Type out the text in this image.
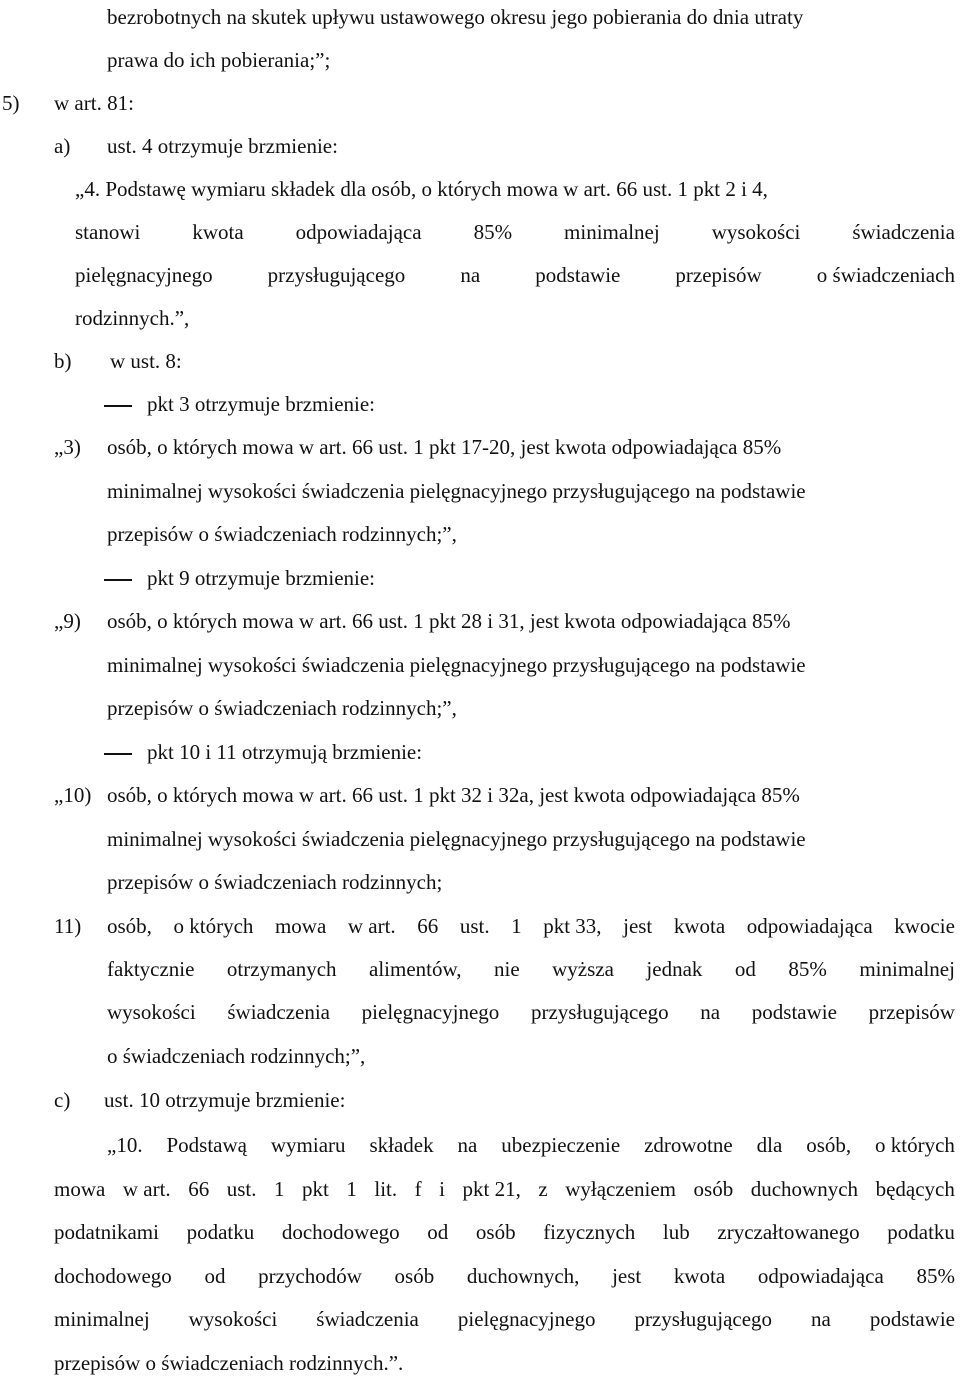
bezrobotnych na skutek upływu ustawowego okresu jego pobierania do dnia utraty
prawa do ich pobierania;”;
5) w art. 81:
a) ust. 4 otrzymuje brzmienie:
„4. Podstawę wymiaru składek dla osób, o których mowa w art. 66 ust. 1 pkt 2 i 4,
stanowi kwota odpowiadająca 85% minimalnej wysokości świadczenia
pielęgnacyjnego	przysługującego	na	podstawie	przepisów	o świadczeniach
rodzinnych.”,
b) w ust. 8:
pkt 3 otrzymuje brzmienie:
„3) osób, o których mowa w art. 66 ust. 1 pkt 17-20, jest kwota odpowiadająca 85%
minimalnej wysokości świadczenia pielęgnacyjnego przysługującego na podstawie
przepisów o świadczeniach rodzinnych;”,
pkt 9 otrzymuje brzmienie:
„9) osób, o których mowa w art. 66 ust. 1 pkt 28 i 31, jest kwota odpowiadająca 85%
minimalnej wysokości świadczenia pielęgnacyjnego przysługującego na podstawie
przepisów o świadczeniach rodzinnych;”,
pkt 10 i 11 otrzymują brzmienie:
„10) osób, o których mowa w art. 66 ust. 1 pkt 32 i 32a, jest kwota odpowiadająca 85%
minimalnej wysokości świadczenia pielęgnacyjnego przysługującego na podstawie
przepisów o świadczeniach rodzinnych;
11) osób, o których mowa w art. 66 ust. 1 pkt 33, jest kwota odpowiadająca kwocie
faktycznie otrzymanych alimentów, nie wyższa jednak od 85% minimalnej
wysokości świadczenia pielęgnacyjnego przysługującego na podstawie przepisów
o świadczeniach rodzinnych;”,
c) ust. 10 otrzymuje brzmienie:
„10. Podstawą wymiaru składek na ubezpieczenie zdrowotne dla osób, o których
mowa w art. 66 ust. 1 pkt 1 lit. f i pkt 21, z wyłączeniem osób duchownych będących
podatnikami podatku dochodowego od osób fizycznych lub zryczałtowanego podatku
dochodowego od przychodów osób duchownych, jest kwota odpowiadająca 85%
minimalnej wysokości świadczenia pielęgnacyjnego przysługującego na podstawie
przepisów o świadczeniach rodzinnych.”.
